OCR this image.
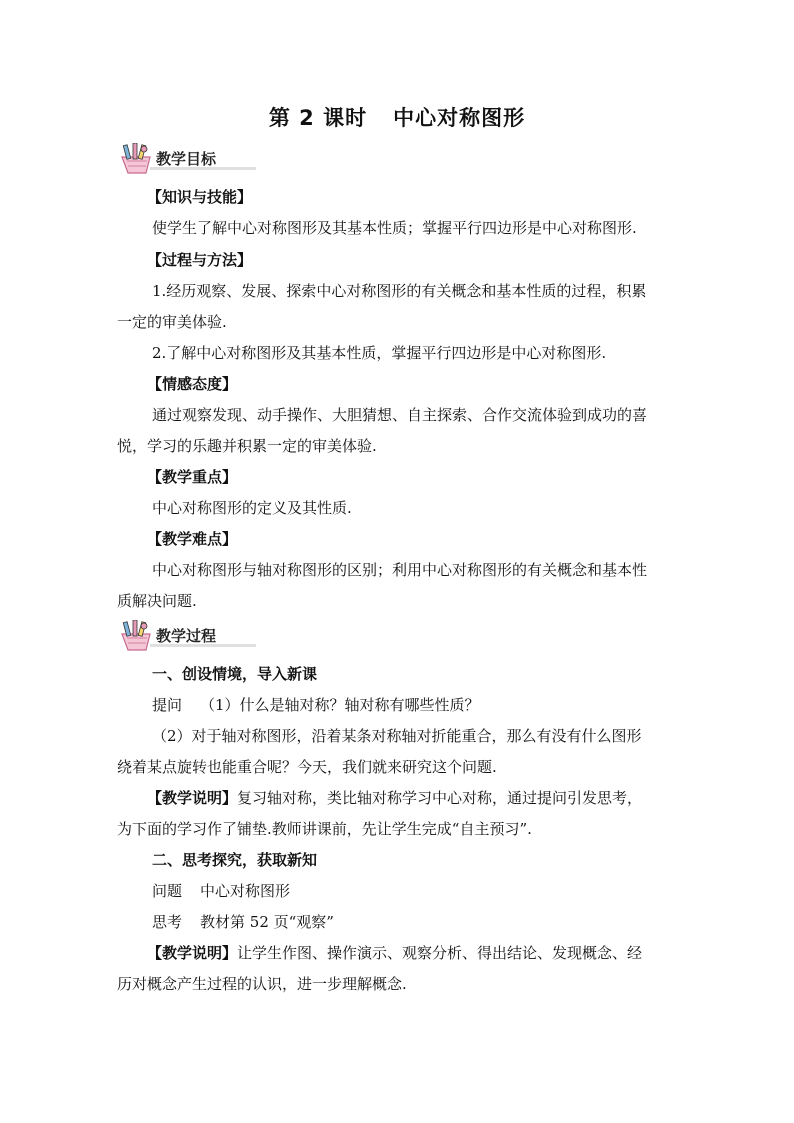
第 2 课时 中心对称图形
教学目标
【知识与技能】
使学生了解中心对称图形及其基本性质；掌握平行四边形是中心对称图形.
【过程与方法】
1.经历观察、发展、探索中心对称图形的有关概念和基本性质的过程，积累
一定的审美体验.
2.了解中心对称图形及其基本性质，掌握平行四边形是中心对称图形.
【情感态度】
通过观察发现、动手操作、大胆猜想、自主探索、合作交流体验到成功的喜
悦，学习的乐趣并积累一定的审美体验.
【教学重点】
中心对称图形的定义及其性质.
【教学难点】
中心对称图形与轴对称图形的区别；利用中心对称图形的有关概念和基本性
质解决问题.
教学过程
一、创设情境，导入新课
提问 （1）什么是轴对称？轴对称有哪些性质？
（2）对于轴对称图形，沿着某条对称轴对折能重合，那么有没有什么图形
绕着某点旋转也能重合呢？今天，我们就来研究这个问题.
【教学说明】复习轴对称，类比轴对称学习中心对称，通过提问引发思考，
为下面的学习作了铺垫.教师讲课前，先让学生完成“自主预习”.
二、思考探究，获取新知
问题 中心对称图形
思考 教材第 52 页“观察”
【教学说明】让学生作图、操作演示、观察分析、得出结论、发现概念、经
历对概念产生过程的认识，进一步理解概念.
